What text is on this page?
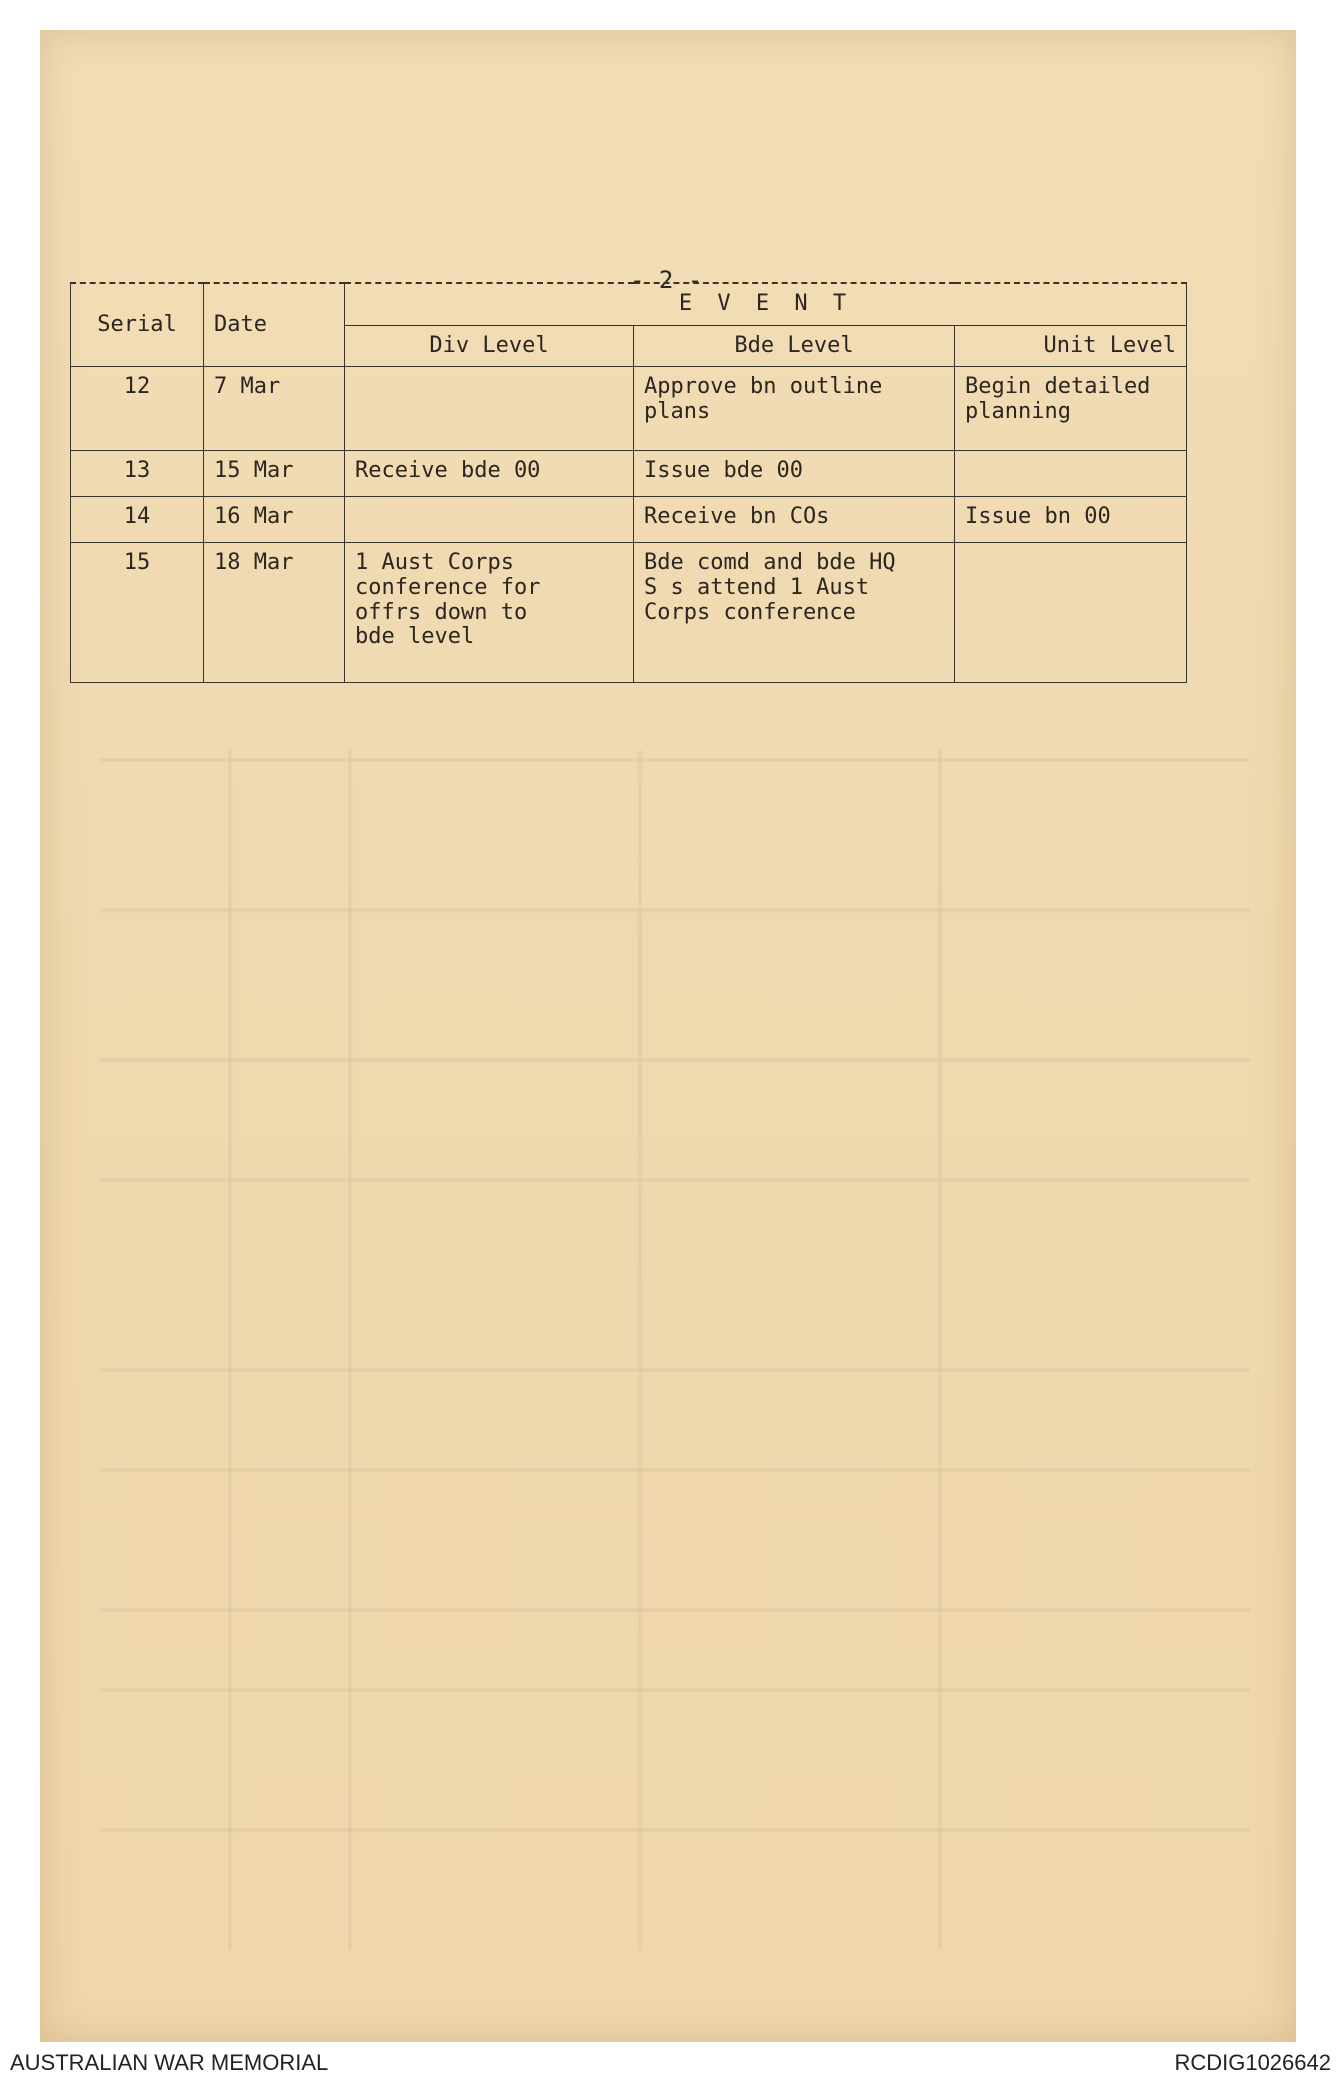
- 2 -
Serial	Date	E V E N T		
		Div Level	Bde Level	Unit Level
12	7 Mar		Approve bn outline plans	Begin detailed planning
13	15 Mar	Receive bde 00	Issue bde 00	
14	16 Mar		Receive bn COs	Issue bn 00
15	18 Mar	1 Aust Corps
conference for
offrs down to
bde level	Bde comd and bde HQ
S s attend 1 Aust
Corps conference	
AUSTRALIAN WAR MEMORIAL	RCDIG1026642
